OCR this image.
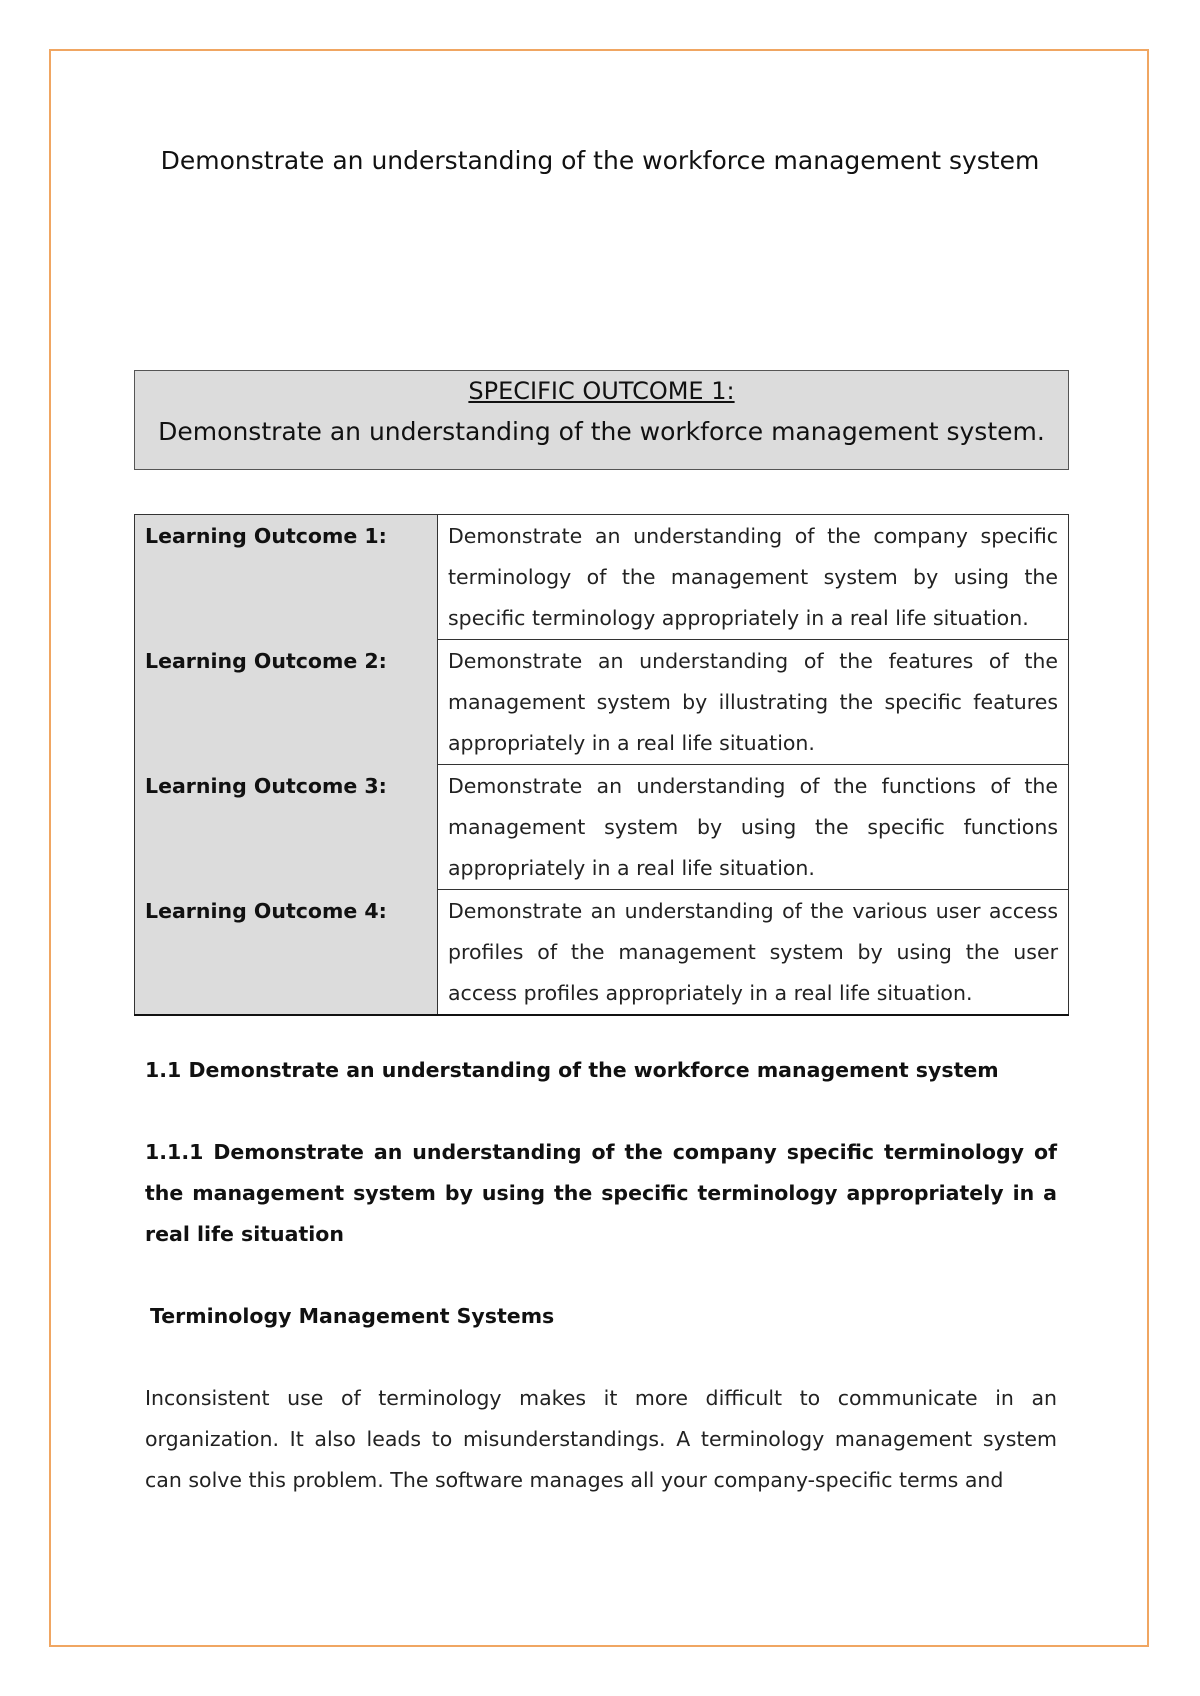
Demonstrate an understanding of the workforce management system
SPECIFIC OUTCOME 1:
Demonstrate an understanding of the workforce management system.
Learning Outcome 1:	Demonstrate an understanding of the company specific terminology of the management system by using the specific terminology appropriately in a real life situation.
Learning Outcome 2:	Demonstrate an understanding of the features of the management system by illustrating the specific features appropriately in a real life situation.
Learning Outcome 3:	Demonstrate an understanding of the functions of the management system by using the specific functions appropriately in a real life situation.
Learning Outcome 4:	Demonstrate an understanding of the various user access profiles of the management system by using the user access profiles appropriately in a real life situation.
1.1 Demonstrate an understanding of the workforce management system
1.1.1 Demonstrate an understanding of the company specific terminology of the management system by using the specific terminology appropriately in a real life situation
Terminology Management Systems
Inconsistent use of terminology makes it more difficult to communicate in an organization. It also leads to misunderstandings. A terminology management system can solve this problem. The software manages all your company-specific terms and
